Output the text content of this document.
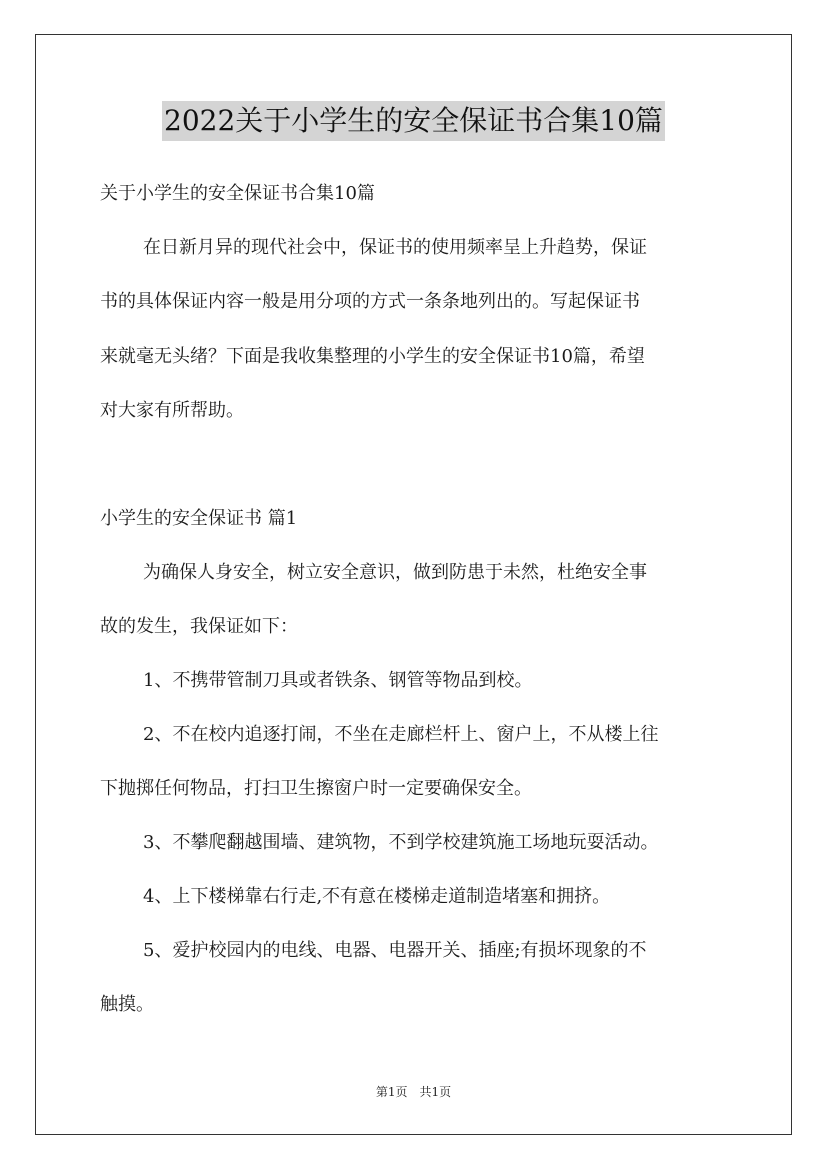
2022关于小学生的安全保证书合集10篇
关于小学生的安全保证书合集10篇
在日新月异的现代社会中，保证书的使用频率呈上升趋势，保证
书的具体保证内容一般是用分项的方式一条条地列出的。写起保证书
来就毫无头绪？下面是我收集整理的小学生的安全保证书10篇，希望
对大家有所帮助。
小学生的安全保证书 篇1
为确保人身安全，树立安全意识，做到防患于未然，杜绝安全事
故的发生，我保证如下：
1、不携带管制刀具或者铁条、钢管等物品到校。
2、不在校内追逐打闹，不坐在走廊栏杆上、窗户上，不从楼上往
下抛掷任何物品，打扫卫生擦窗户时一定要确保安全。
3、不攀爬翻越围墙、建筑物，不到学校建筑施工场地玩耍活动。
4、上下楼梯靠右行走,不有意在楼梯走道制造堵塞和拥挤。
5、爱护校园内的电线、电器、电器开关、插座;有损坏现象的不
触摸。
第1页　共1页
